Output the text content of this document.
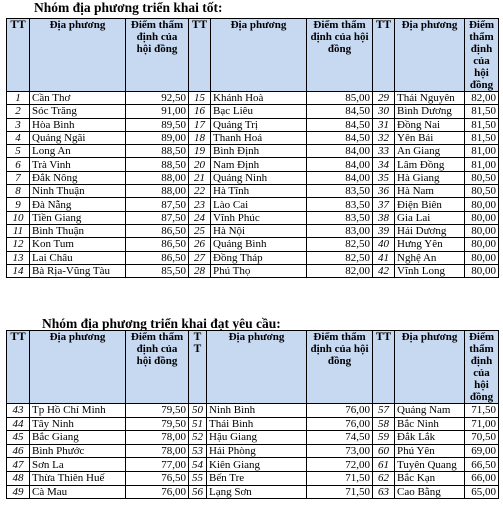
Nhóm địa phương triển khai tốt:
TT	Địa phương	Điểm thẩm định của hội đồng	TT	Địa phương	Điểm thẩm định của hội đồng	TT	Địa phương	Điểm thẩm định của hội đồng
1	Cần Thơ	92,50	15	Khánh Hoà	85,00	29	Thái Nguyên	82,00
2	Sóc Trăng	91,00	16	Bạc Liêu	84,50	30	Bình Dương	81,50
3	Hòa Bình	89,50	17	Quảng Trị	84,50	31	Đồng Nai	81,50
4	Quảng Ngãi	89,00	18	Thanh Hoá	84,50	32	Yên Bái	81,50
5	Long An	88,50	19	Bình Định	84,00	33	An Giang	81,00
6	Trà Vinh	88,50	20	Nam Định	84,00	34	Lâm Đồng	81,00
7	Đắk Nông	88,00	21	Quảng Ninh	84,00	35	Hà Giang	80,50
8	Ninh Thuận	88,00	22	Hà Tĩnh	83,50	36	Hà Nam	80,50
9	Đà Nẵng	87,50	23	Lào Cai	83,50	37	Điện Biên	80,00
10	Tiền Giang	87,50	24	Vĩnh Phúc	83,50	38	Gia Lai	80,00
11	Bình Thuận	86,50	25	Hà Nội	83,00	39	Hải Dương	80,00
12	Kon Tum	86,50	26	Quảng Bình	82,50	40	Hưng Yên	80,00
13	Lai Châu	86,50	27	Đồng Tháp	82,50	41	Nghệ An	80,00
14	Bà Rịa-Vũng Tàu	85,50	28	Phú Thọ	82,00	42	Vĩnh Long	80,00
Nhóm địa phương triển khai đạt yêu cầu:
TT	Địa phương	Điểm thẩm định của hội đồng	T T	Địa phương	Điểm thẩm định của hội đồng	TT	Địa phương	Điểm thẩm định của hội đồng
43	Tp Hồ Chí Minh	79,50	50	Ninh Bình	76,00	57	Quảng Nam	71,50
44	Tây Ninh	79,50	51	Thái Bình	76,00	58	Bắc Ninh	71,00
45	Bắc Giang	78,00	52	Hậu Giang	74,50	59	Đắk Lắk	70,50
46	Bình Phước	78,00	53	Hải Phòng	73,00	60	Phú Yên	69,00
47	Sơn La	77,00	54	Kiên Giang	72,00	61	Tuyên Quang	66,50
48	Thừa Thiên Huế	76,50	55	Bến Tre	71,50	62	Bắc Kạn	66,00
49	Cà Mau	76,00	56	Lạng Sơn	71,50	63	Cao Bằng	65,00
